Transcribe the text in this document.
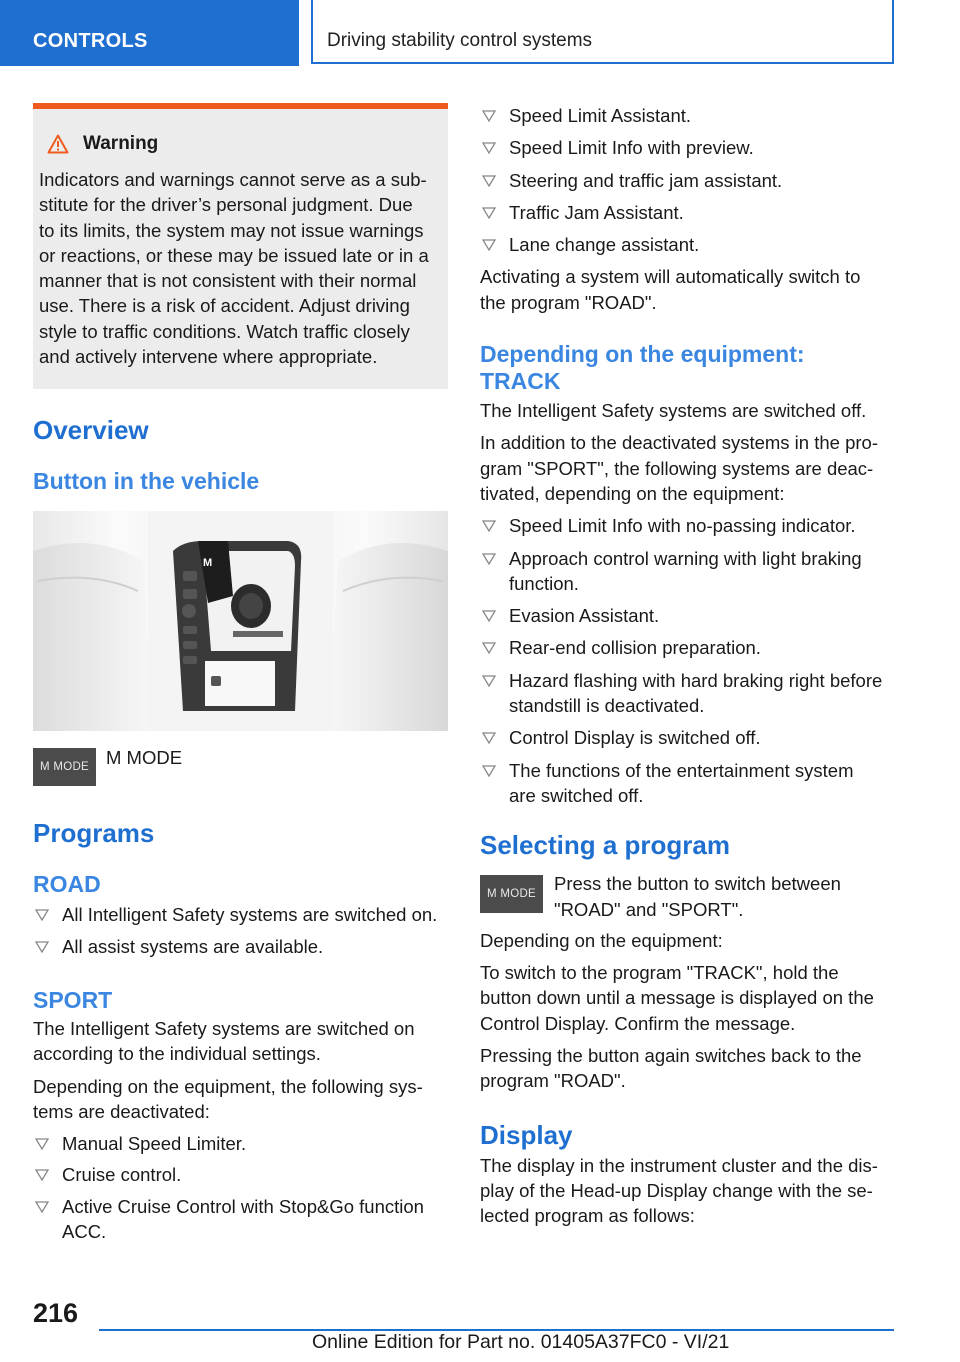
CONTROLS	Driving stability control systems
Warning
Indicators and warnings cannot serve as a sub-
stitute for the driver’s personal judgment. Due
to its limits, the system may not issue warnings
or reactions, or these may be issued late or in a
manner that is not consistent with their normal
use. There is a risk of accident. Adjust driving
style to traffic conditions. Watch traffic closely
and actively intervene where appropriate.
Overview
Button in the vehicle
M
M MODE M MODE
Programs
ROAD
All Intelligent Safety systems are switched on.
All assist systems are available.
SPORT

The Intelligent Safety systems are switched on
according to the individual settings.

Depending on the equipment, the following sys-
tems are deactivated:

Manual Speed Limiter.
Cruise control.
Active Cruise Control with Stop&Go function
ACC.
Speed Limit Assistant.
Speed Limit Info with preview.
Steering and traffic jam assistant.
Traffic Jam Assistant.
Lane change assistant.

Activating a system will automatically switch to
the program "ROAD".

Depending on the equipment:
TRACK

The Intelligent Safety systems are switched off.

In addition to the deactivated systems in the pro-
gram "SPORT", the following systems are deac-
tivated, depending on the equipment:

Speed Limit Info with no-passing indicator.
Approach control warning with light braking
function.
Evasion Assistant.
Rear-end collision preparation.
Hazard flashing with hard braking right before
standstill is deactivated.
Control Display is switched off.
The functions of the entertainment system
are switched off.
Selecting a program
M MODE Press the button to switch between
"ROAD" and "SPORT".

Depending on the equipment:

To switch to the program "TRACK", hold the
button down until a message is displayed on the
Control Display. Confirm the message.

Pressing the button again switches back to the
program "ROAD".

Display

The display in the instrument cluster and the dis-
play of the Head-up Display change with the se-
lected program as follows:

216
Online Edition for Part no. 01405A37FC0 - VI/21
